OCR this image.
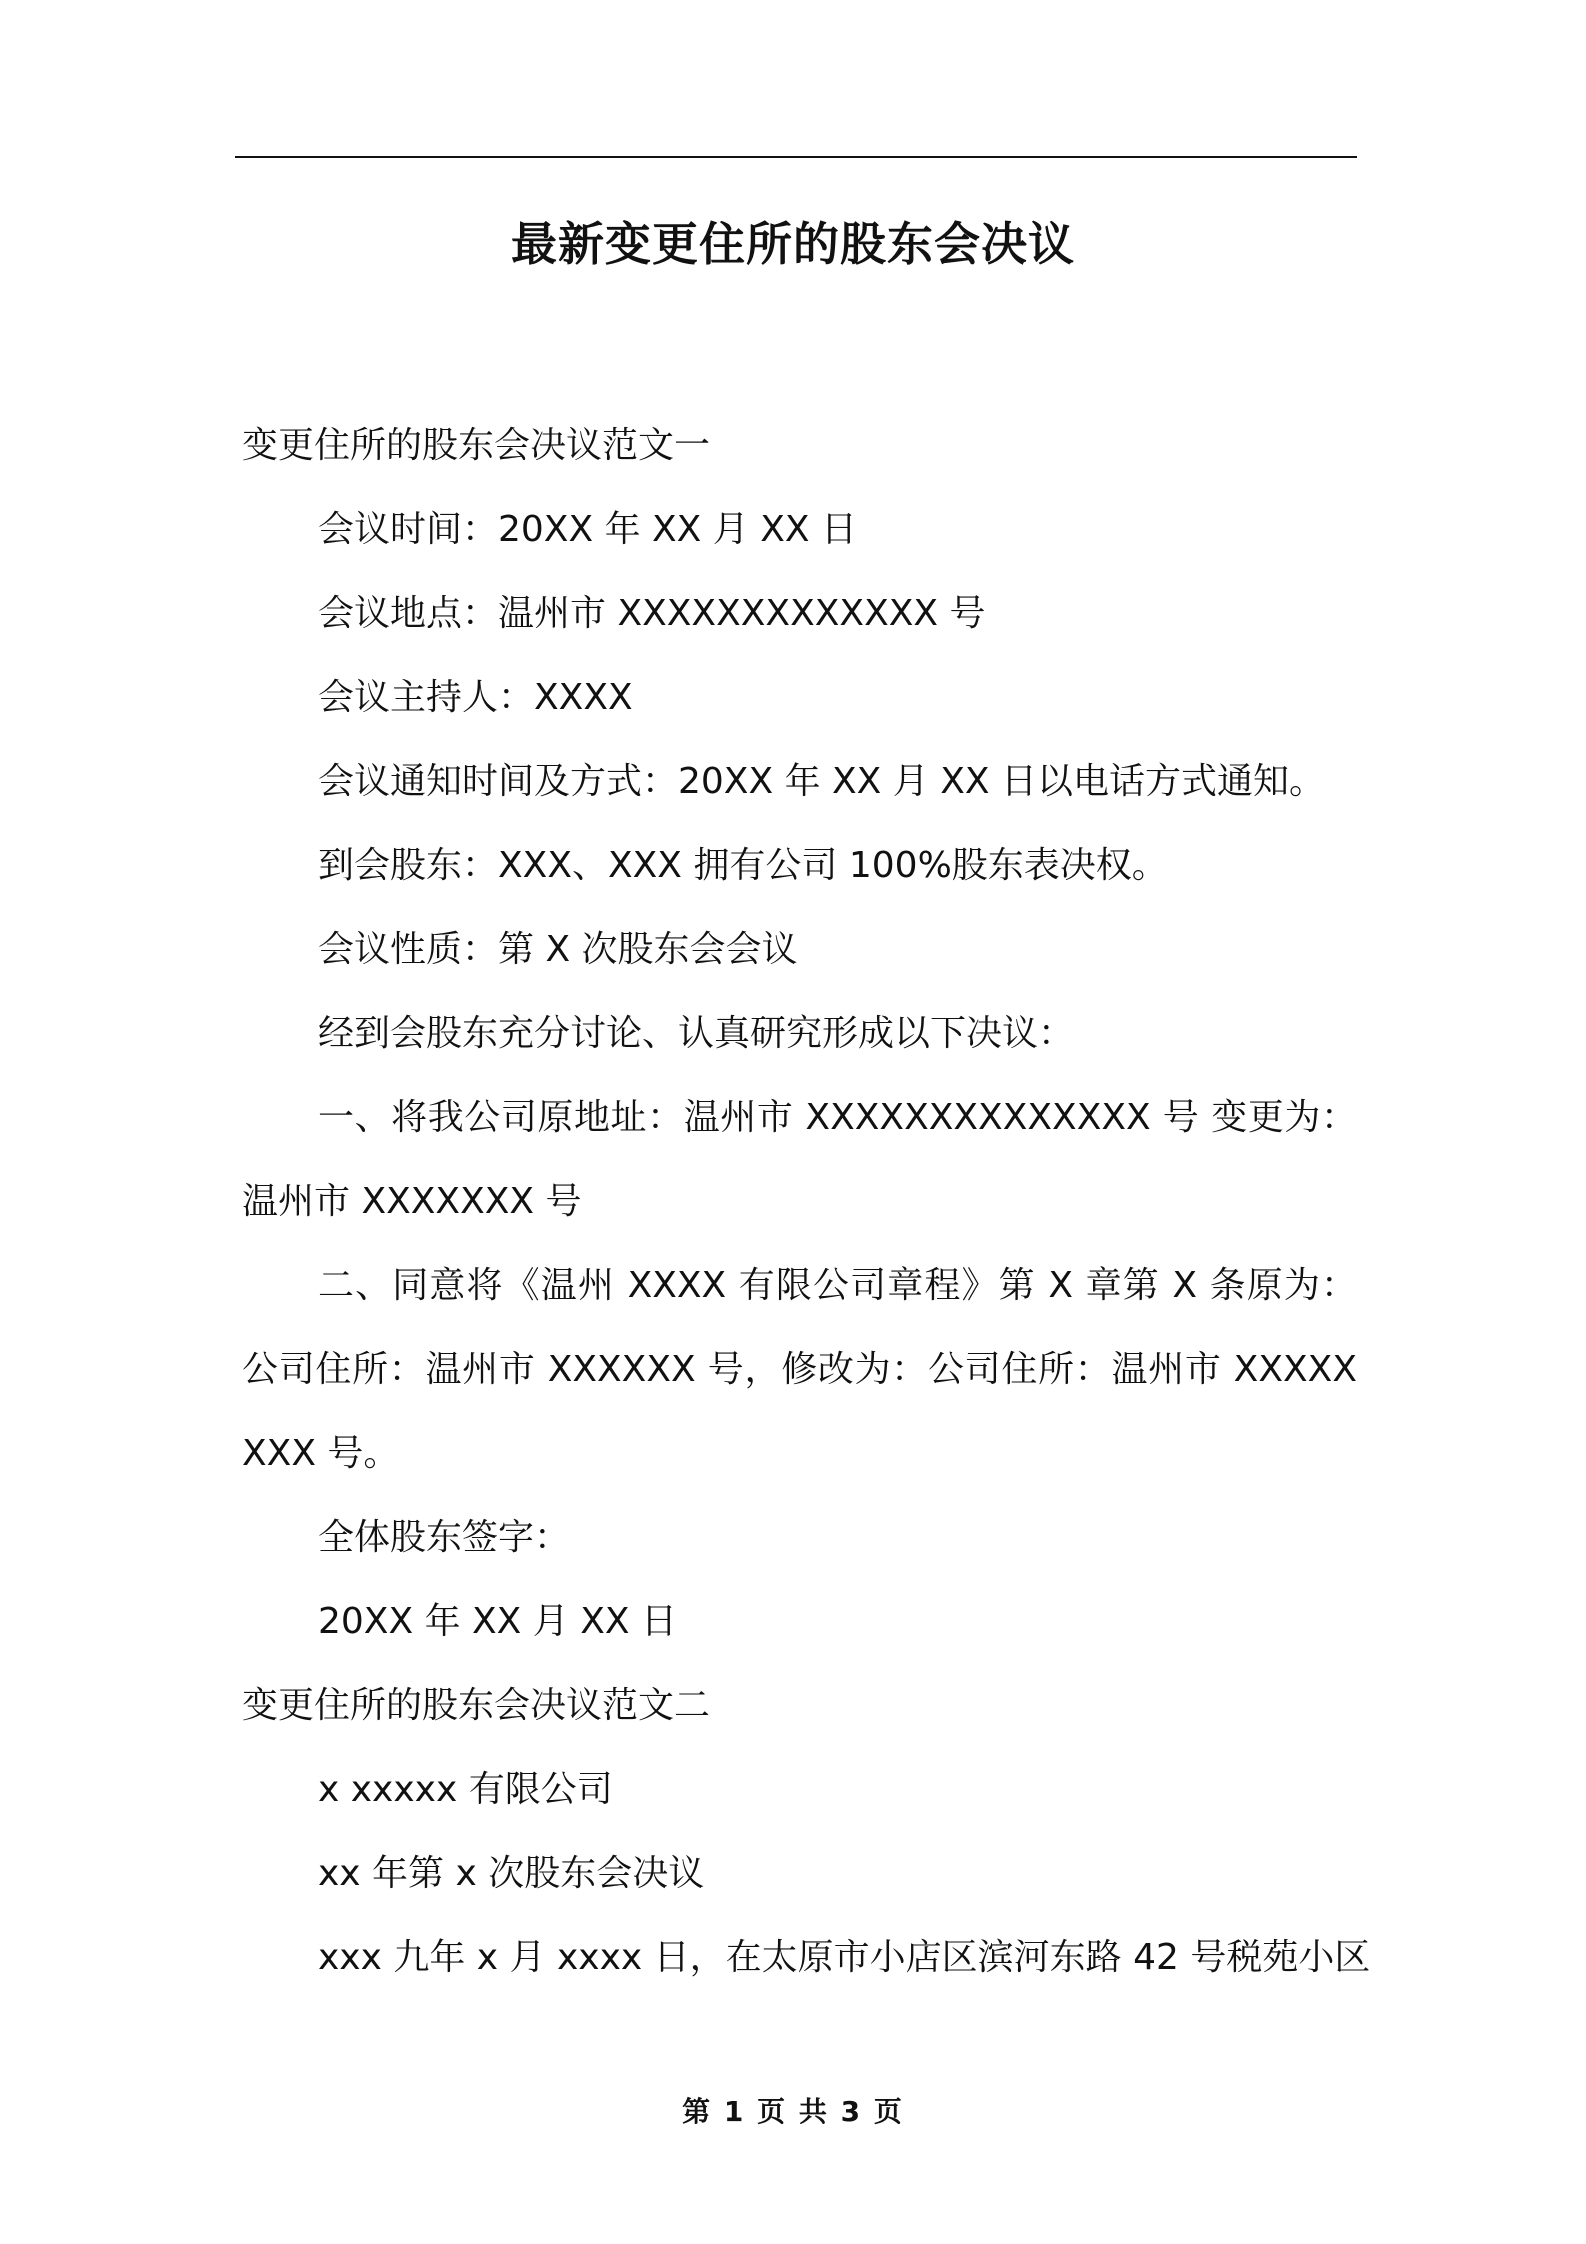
最新变更住所的股东会决议

变更住所的股东会决议范文一

会议时间：20XX 年 XX 月 XX 日

会议地点：温州市 XXXXXXXXXXXXX 号

会议主持人：XXXX

会议通知时间及方式：20XX 年 XX 月 XX 日以电话方式通知。

到会股东：XXX、XXX 拥有公司 100%股东表决权。

会议性质：第 X 次股东会会议

经到会股东充分讨论、认真研究形成以下决议：

一、将我公司原地址：温州市 XXXXXXXXXXXXXX 号 变更为：温州市 XXXXXXX 号

二、同意将《温州 XXXX 有限公司章程》第 X 章第 X 条原为：公司住所：温州市 XXXXXX 号，修改为：公司住所：温州市 XXXXXXXX 号。

全体股东签字：

20XX 年 XX 月 XX 日

变更住所的股东会决议范文二

x xxxxx 有限公司

xx 年第 x 次股东会决议

xxx 九年 x 月 xxxx 日，在太原市小店区滨河东路 42 号税苑小区

第 1 页 共 3 页
